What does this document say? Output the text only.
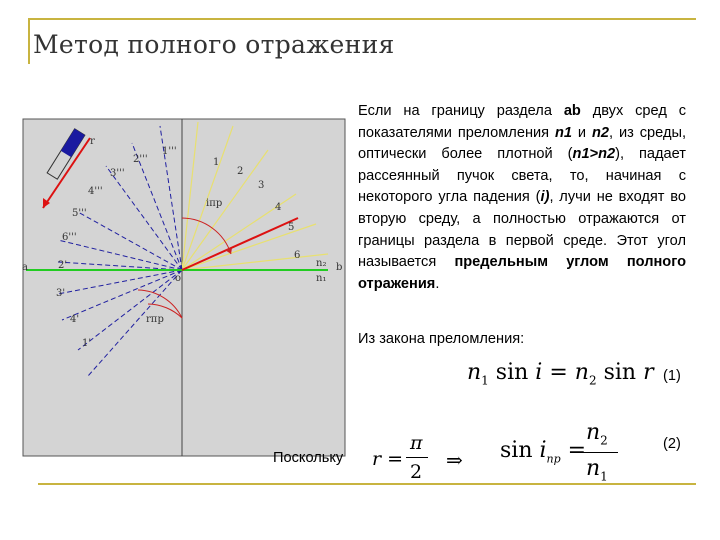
Метод полного отражения
1
2
3
4
5
6
1'''
2'''
3'''
4'''
5'''
6'''
2'
3'
4'
1'
a	b
n₂
n₁
o
r
iпр
rпр
Если на границу раздела ab двух сред с показателями преломления n1 и n2, из среды, оптически более плотной (n1>n2), падает рассеянный пучок света, то, начиная с некоторого угла падения (i), лучи не входят во вторую среду, а полностью отражаются от границы раздела в первой среде. Этот угол называется предельным углом полного отражения.
Из закона преломления:
$n_1$ $\sin i = n_2$ sin r (1)
Поскольку r =
π
2 ⇒ $\sin i_{пр}$ =
$n_2$
$n_1$
(2)
